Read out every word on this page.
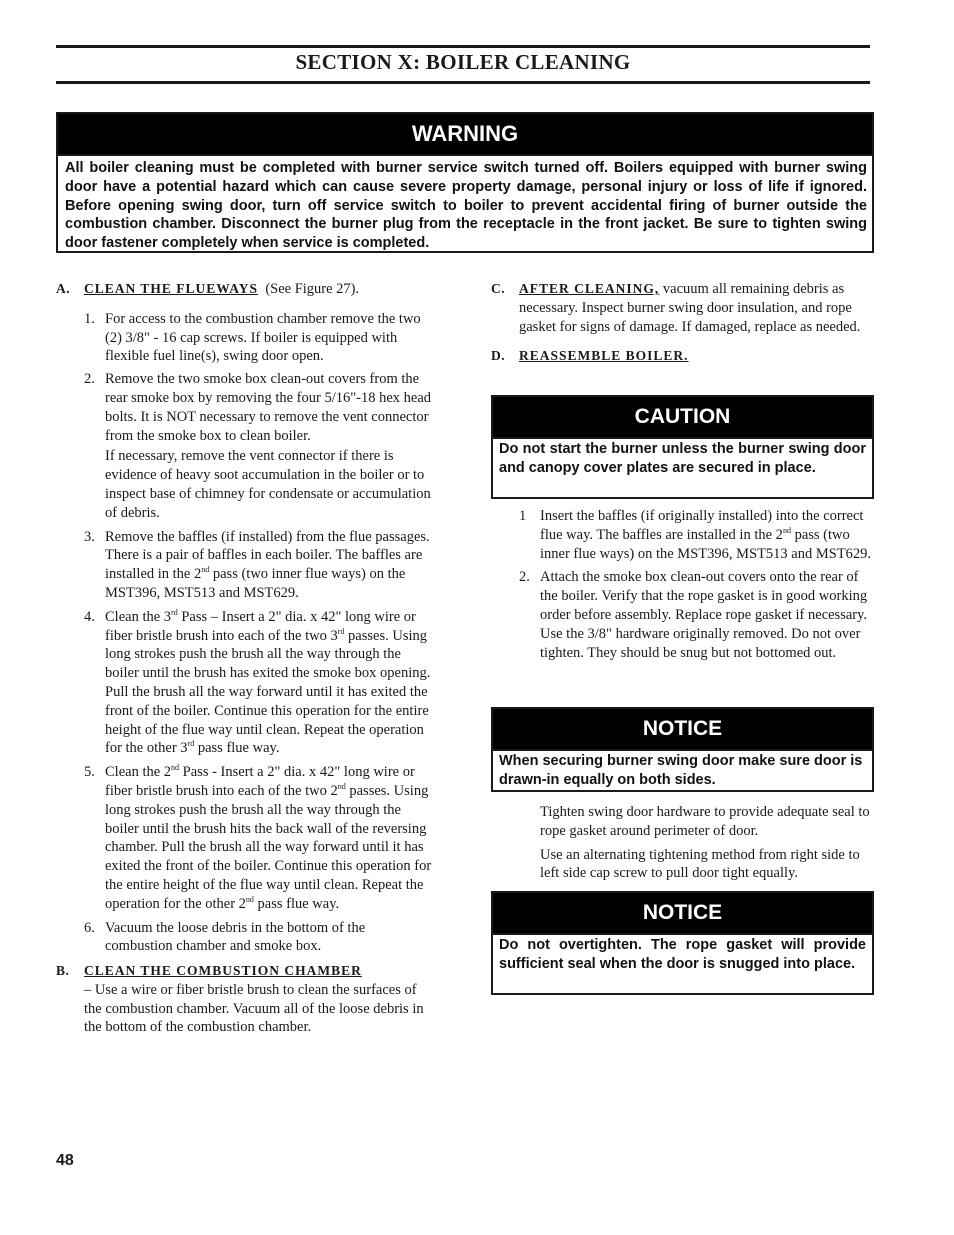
SECTION X: BOILER CLEANING
WARNING
All boiler cleaning must be completed with burner service switch turned off. Boilers equipped with burner swing door have a potential hazard which can cause severe property damage, personal injury or loss of life if ignored. Before opening swing door, turn off service switch to boiler to prevent accidental firing of burner outside the combustion chamber. Disconnect the burner plug from the receptacle in the front jacket. Be sure to tighten swing door fastener completely when service is completed.
A. CLEAN THE FLUEWAYS (See Figure 27).
1. For access to the combustion chamber remove the two (2) 3/8" - 16 cap screws. If boiler is equipped with flexible fuel line(s), swing door open.
2. Remove the two smoke box clean-out covers from the rear smoke box by removing the four 5/16"-18 hex head bolts. It is NOT necessary to remove the vent connector from the smoke box to clean boiler.
If necessary, remove the vent connector if there is evidence of heavy soot accumulation in the boiler or to inspect base of chimney for condensate or accumulation of debris.
3. Remove the baffles (if installed) from the flue passages. There is a pair of baffles in each boiler. The baffles are installed in the 2nd pass (two inner flue ways) on the MST396, MST513 and MST629.
4. Clean the 3rd Pass – Insert a 2" dia. x 42" long wire or fiber bristle brush into each of the two 3rd passes. Using long strokes push the brush all the way through the boiler until the brush has exited the smoke box opening. Pull the brush all the way forward until it has exited the front of the boiler. Continue this operation for the entire height of the flue way until clean. Repeat the operation for the other 3rd pass flue way.
5. Clean the 2nd Pass - Insert a 2" dia. x 42" long wire or fiber bristle brush into each of the two 2nd passes. Using long strokes push the brush all the way through the boiler until the brush hits the back wall of the reversing chamber. Pull the brush all the way forward until it has exited the front of the boiler. Continue this operation for the entire height of the flue way until clean. Repeat the operation for the other 2nd pass flue way.
6. Vacuum the loose debris in the bottom of the combustion chamber and smoke box.
B. CLEAN THE COMBUSTION CHAMBER
– Use a wire or fiber bristle brush to clean the surfaces of the combustion chamber. Vacuum all of the loose debris in the bottom of the combustion chamber.
C. AFTER CLEANING, vacuum all remaining debris as necessary. Inspect burner swing door insulation, and rope gasket for signs of damage. If damaged, replace as needed.
D. REASSEMBLE BOILER.
CAUTION
Do not start the burner unless the burner swing door and canopy cover plates are secured in place.
1 Insert the baffles (if originally installed) into the correct flue way. The baffles are installed in the 2nd pass (two inner flue ways) on the MST396, MST513 and MST629.
2. Attach the smoke box clean-out covers onto the rear of the boiler. Verify that the rope gasket is in good working order before assembly. Replace rope gasket if necessary. Use the 3/8" hardware originally removed. Do not over tighten. They should be snug but not bottomed out.
NOTICE
When securing burner swing door make sure door is drawn-in equally on both sides.

Tighten swing door hardware to provide adequate seal to rope gasket around perimeter of door.

Use an alternating tightening method from right side to left side cap screw to pull door tight equally.

NOTICE
Do not overtighten. The rope gasket will provide sufficient seal when the door is snugged into place.
48
